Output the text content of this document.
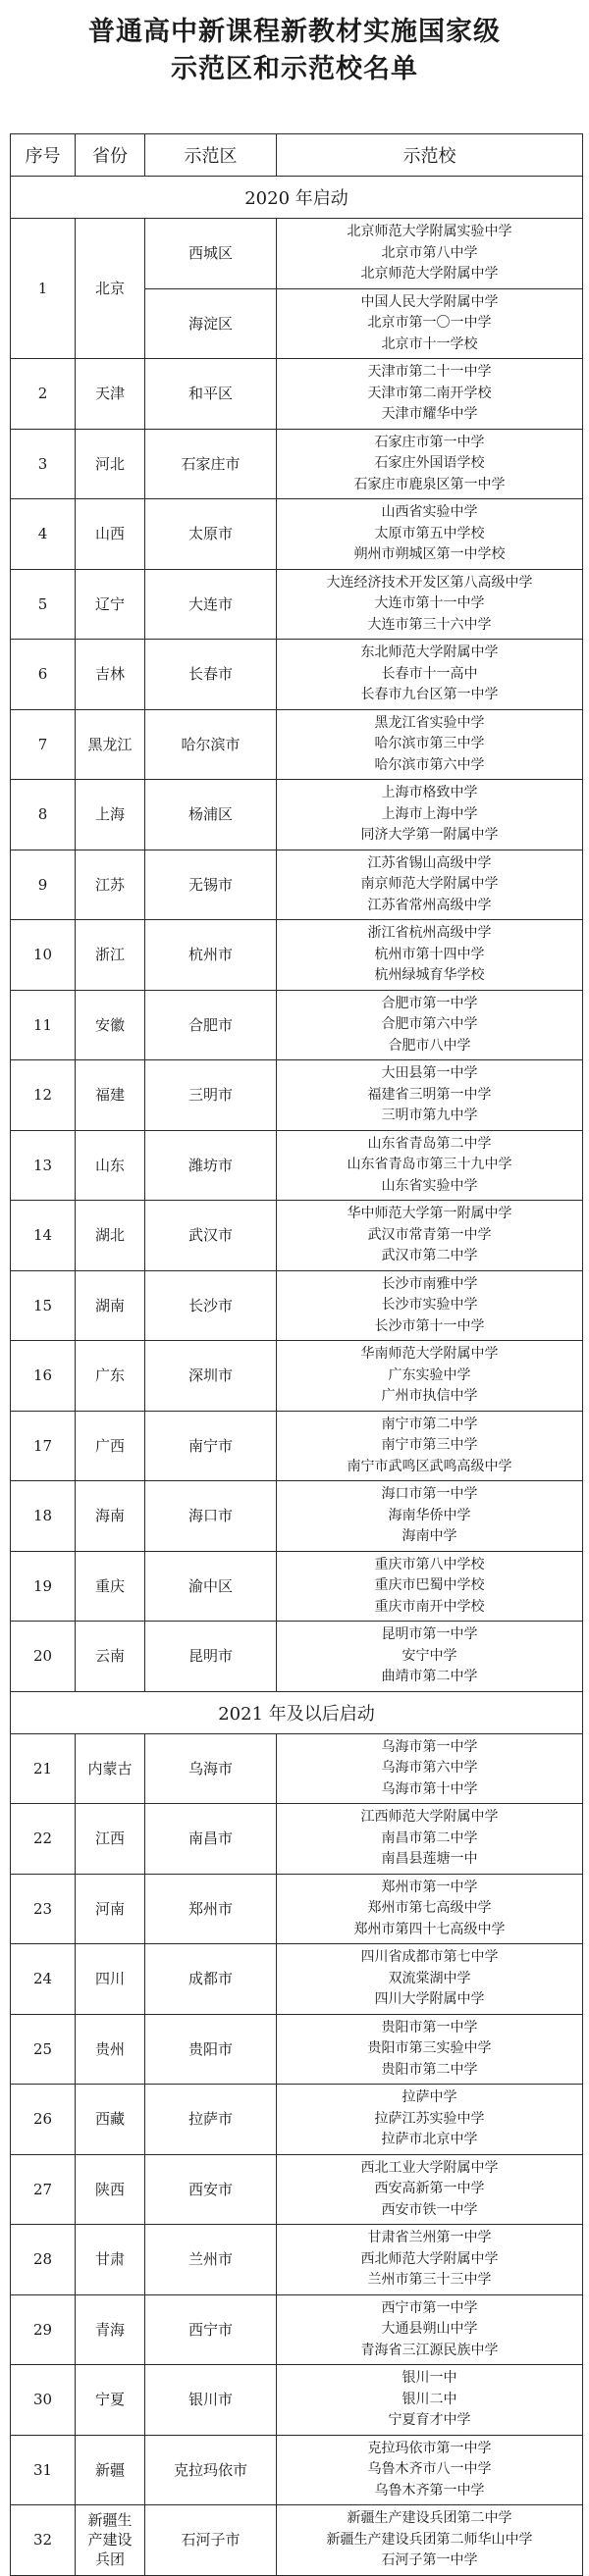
普通高中新课程新教材实施国家级
示范区和示范校名单
序号	省份	示范区	示范校
2020 年启动			
1	北京	西城区	北京师范大学附属实验中学
北京市第八中学
北京师范大学附属中学

		海淀区	中国人民大学附属中学
北京市第一〇一中学
北京市十一学校

2	天津	和平区	天津市第二十一中学
天津市第二南开学校
天津市耀华中学

3	河北	石家庄市	石家庄市第一中学
石家庄外国语学校
石家庄市鹿泉区第一中学

4	山西	太原市	山西省实验中学
太原市第五中学校
朔州市朔城区第一中学校

5	辽宁	大连市	大连经济技术开发区第八高级中学
大连市第十一中学
大连市第三十六中学

6	吉林	长春市	东北师范大学附属中学
长春市十一高中
长春市九台区第一中学

7	黑龙江	哈尔滨市	黑龙江省实验中学
哈尔滨市第三中学
哈尔滨市第六中学

8	上海	杨浦区	上海市格致中学
上海市上海中学
同济大学第一附属中学

9	江苏	无锡市	江苏省锡山高级中学
南京师范大学附属中学
江苏省常州高级中学

10	浙江	杭州市	浙江省杭州高级中学
杭州市第十四中学
杭州绿城育华学校

11	安徽	合肥市	合肥市第一中学
合肥市第六中学
合肥市八中学

12	福建	三明市	大田县第一中学
福建省三明第一中学
三明市第九中学

13	山东	潍坊市	山东省青岛第二中学
山东省青岛市第三十九中学
山东省实验中学

14	湖北	武汉市	华中师范大学第一附属中学
武汉市常青第一中学
武汉市第二中学

15	湖南	长沙市	长沙市南雅中学
长沙市实验中学
长沙市第十一中学

16	广东	深圳市	华南师范大学附属中学
广东实验中学
广州市执信中学

17	广西	南宁市	南宁市第二中学
南宁市第三中学
南宁市武鸣区武鸣高级中学

18	海南	海口市	海口市第一中学
海南华侨中学
海南中学

19	重庆	渝中区	重庆市第八中学校
重庆市巴蜀中学校
重庆市南开中学校

20	云南	昆明市	昆明市第一中学
安宁中学
曲靖市第二中学

2021 年及以后启动			
21	内蒙古	乌海市	乌海市第一中学
乌海市第六中学
乌海市第十中学

22	江西	南昌市	江西师范大学附属中学
南昌市第二中学
南昌县莲塘一中

23	河南	郑州市	郑州市第一中学
郑州市第七高级中学
郑州市第四十七高级中学

24	四川	成都市	四川省成都市第七中学
双流棠湖中学
四川大学附属中学

25	贵州	贵阳市	贵阳市第一中学
贵阳市第三实验中学
贵阳市第二中学

26	西藏	拉萨市	拉萨中学
拉萨江苏实验中学
拉萨市北京中学

27	陕西	西安市	西北工业大学附属中学
西安高新第一中学
西安市铁一中学

28	甘肃	兰州市	甘肃省兰州第一中学
西北师范大学附属中学
兰州市第三十三中学

29	青海	西宁市	西宁市第一中学
大通县朔山中学
青海省三江源民族中学

30	宁夏	银川市	银川一中
银川二中
宁夏育才中学

31	新疆	克拉玛依市	克拉玛依市第一中学
乌鲁木齐市八一中学
乌鲁木齐第一中学

32	新疆生
产建设
兵团	石河子市	新疆生产建设兵团第二中学
新疆生产建设兵团第二师华山中学
石河子第一中学
